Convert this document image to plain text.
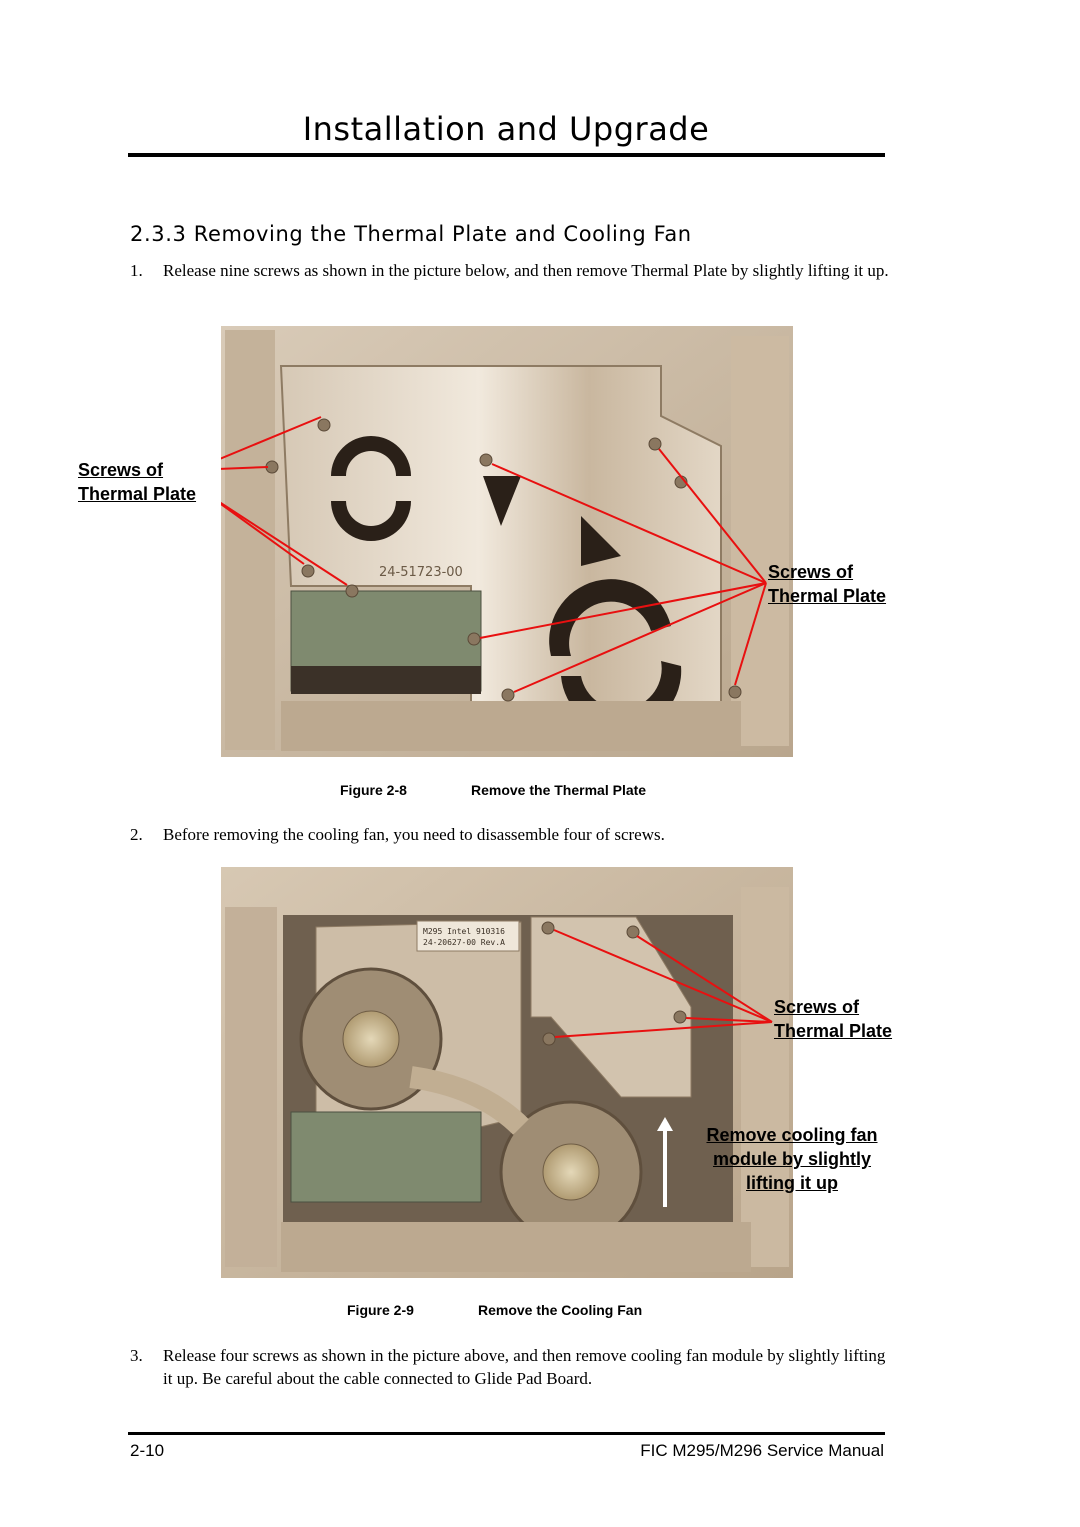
Installation and Upgrade
2.3.3 Removing the Thermal Plate and Cooling Fan
1. Release nine screws as shown in the picture below, and then remove Thermal Plate by slightly lifting it up.
24-51723-00
Screws of
Thermal Plate
Screws of
Thermal Plate
Figure 2-8	Remove the Thermal Plate
2. Before removing the cooling fan, you need to disassemble four of screws.
M295 Intel 910316
24-20627-00 Rev.A
Screws of
Thermal Plate
Remove cooling fan
module by slightly
lifting it up
Figure 2-9	Remove the Cooling Fan
3. Release four screws as shown in the picture above, and then remove cooling fan module by slightly lifting it up. Be careful about the cable connected to Glide Pad Board.
2-10	FIC M295/M296 Service Manual
